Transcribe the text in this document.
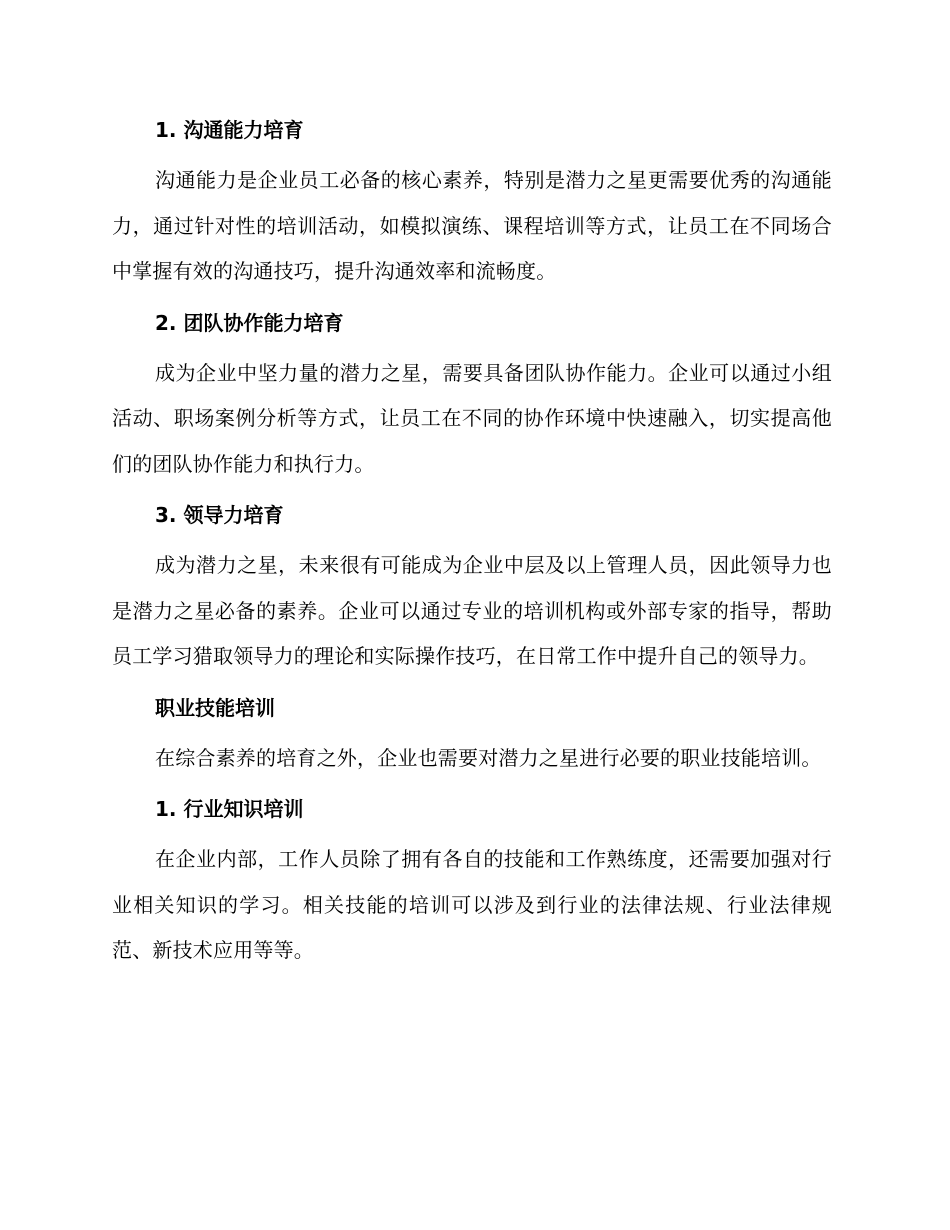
1. 沟通能力培育
沟通能力是企业员工必备的核心素养，特别是潜力之星更需要优秀的沟通能力，通过针对性的培训活动，如模拟演练、课程培训等方式，让员工在不同场合中掌握有效的沟通技巧，提升沟通效率和流畅度。
2. 团队协作能力培育
成为企业中坚力量的潜力之星，需要具备团队协作能力。企业可以通过小组活动、职场案例分析等方式，让员工在不同的协作环境中快速融入，切实提高他们的团队协作能力和执行力。
3. 领导力培育
成为潜力之星，未来很有可能成为企业中层及以上管理人员，因此领导力也是潜力之星必备的素养。企业可以通过专业的培训机构或外部专家的指导，帮助员工学习猎取领导力的理论和实际操作技巧，在日常工作中提升自己的领导力。
职业技能培训
在综合素养的培育之外，企业也需要对潜力之星进行必要的职业技能培训。
1. 行业知识培训
在企业内部，工作人员除了拥有各自的技能和工作熟练度，还需要加强对行业相关知识的学习。相关技能的培训可以涉及到行业的法律法规、行业法律规范、新技术应用等等。
